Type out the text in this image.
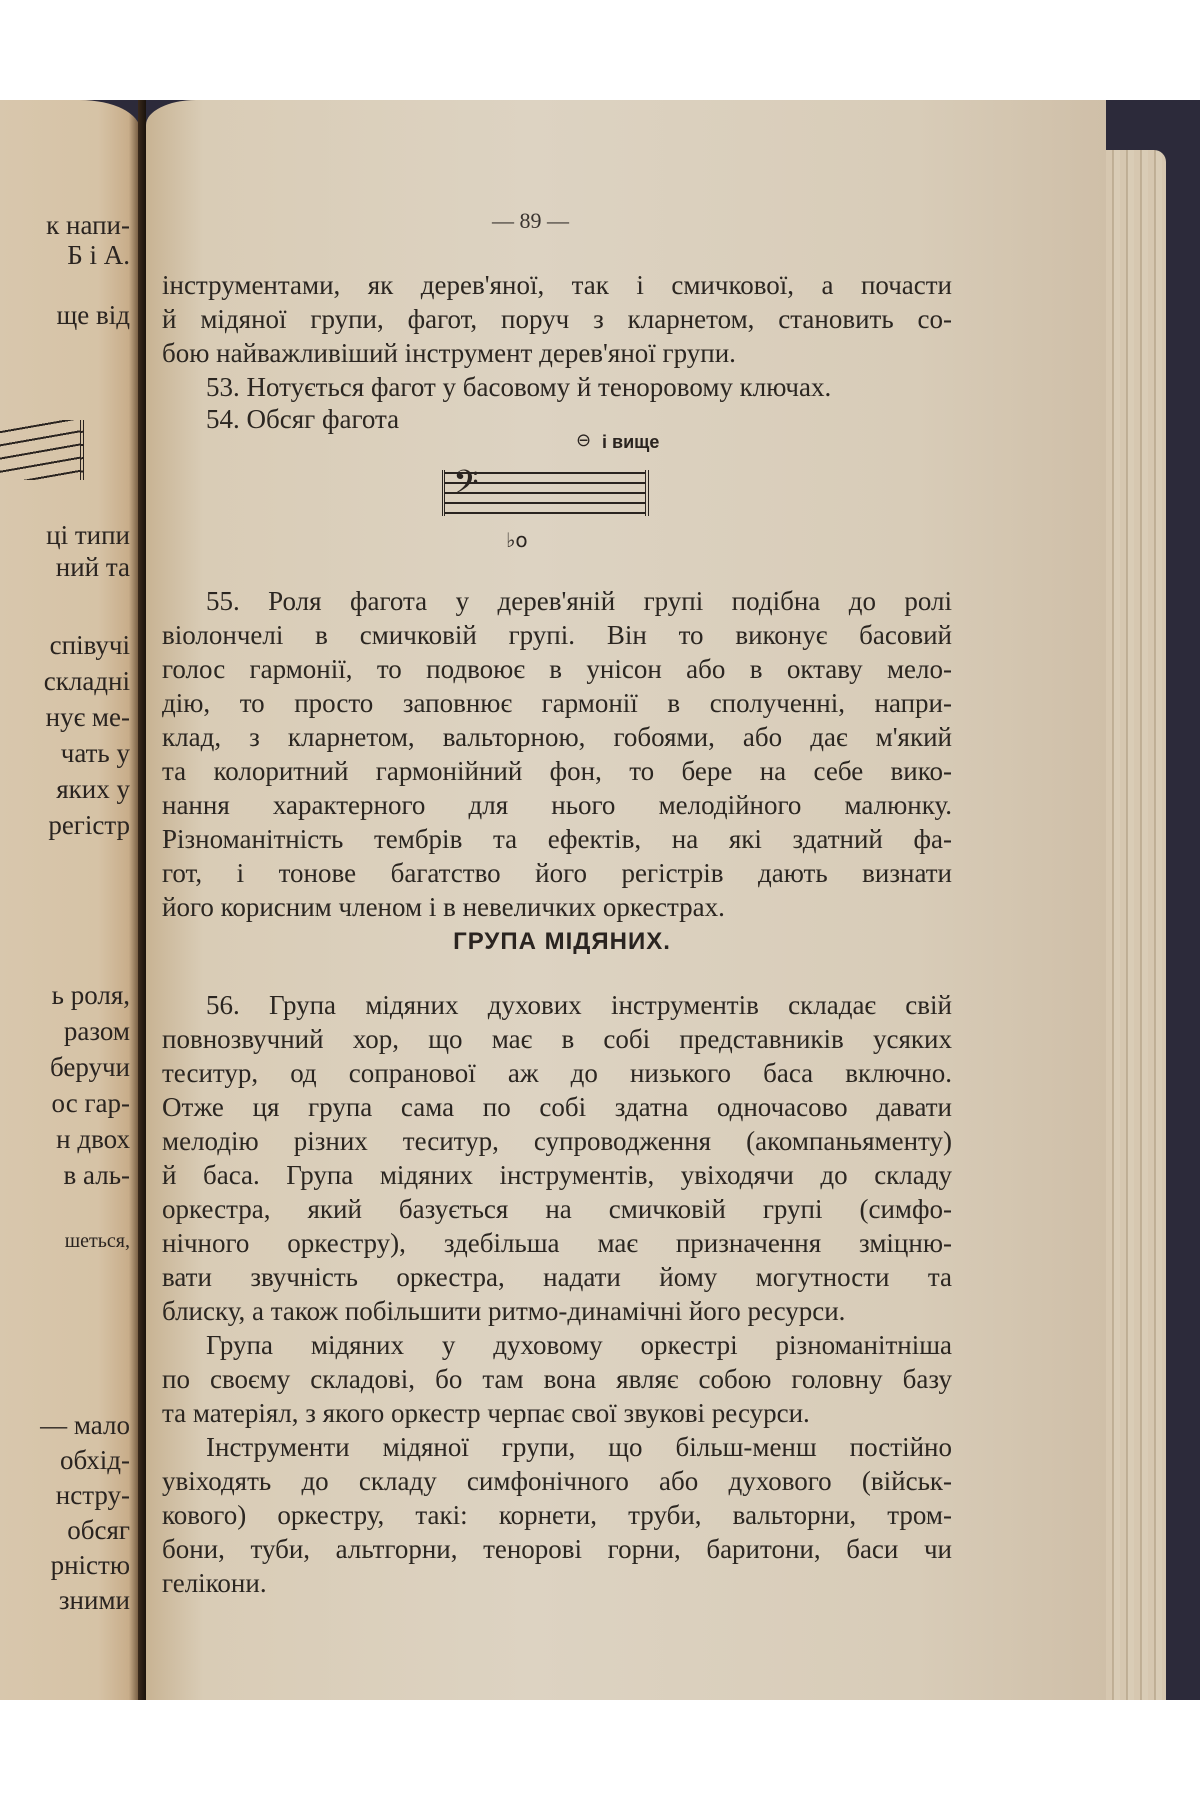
к напи-
Б і А.
ще від
ці типи
ний та
співучі
складні
нує ме-
чать у
яких у
регістр
ь роля,
разом
беручи
ос гар-
н двох
в аль-
шеться,
— мало
обхід-
нстру-
обсяг
рністю
зними
— 89 —
інструментами, як дерев'яної, так і смичкової, а почасти
й мідяної групи, фагот, поруч з кларнетом, становить со-
бою найважливіший інструмент дерев'яної групи.
53. Нотується фагот у басовому й теноровому ключах.
54. Обсяг фагота
⊖ і вище
𝄢
♭o
55. Роля фагота у дерев'яній групі подібна до ролі
віолончелі в смичковій групі. Він то виконує басовий
голос гармонії, то подвоює в унісон або в октаву мело-
дію, то просто заповнює гармонії в сполученні, напри-
клад, з кларнетом, вальторною, гобоями, або дає м'який
та колоритний гармонійний фон, то бере на себе вико-
нання характерного для нього мелодійного малюнку.
Різноманітність тембрів та ефектів, на які здатний фа-
гот, і тонове багатство його регістрів дають визнати
його корисним членом і в невеличких оркестрах.
ГРУПА МІДЯНИХ.
56. Група мідяних духових інструментів складає свій
повнозвучний хор, що має в собі представників усяких
теситур, од сопранової аж до низького баса включно.
Отже ця група сама по собі здатна одночасово давати
мелодію різних теситур, супроводження (акомпаньяменту)
й баса. Група мідяних інструментів, увіходячи до складу
оркестра, який базується на смичковій групі (симфо-
нічного оркестру), здебільша має призначення зміцню-
вати звучність оркестра, надати йому могутности та
блиску, а також побільшити ритмо-динамічні його ресурси.
Група мідяних у духовому оркестрі різноманітніша
по своєму складові, бо там вона являє собою головну базу
та матеріял, з якого оркестр черпає свої звукові ресурси.
Інструменти мідяної групи, що більш-менш постійно
увіходять до складу симфонічного або духового (військ-
кового) оркестру, такі: корнети, труби, вальторни, тром-
бони, туби, альтгорни, тенорові горни, баритони, баси чи
гелікони.
